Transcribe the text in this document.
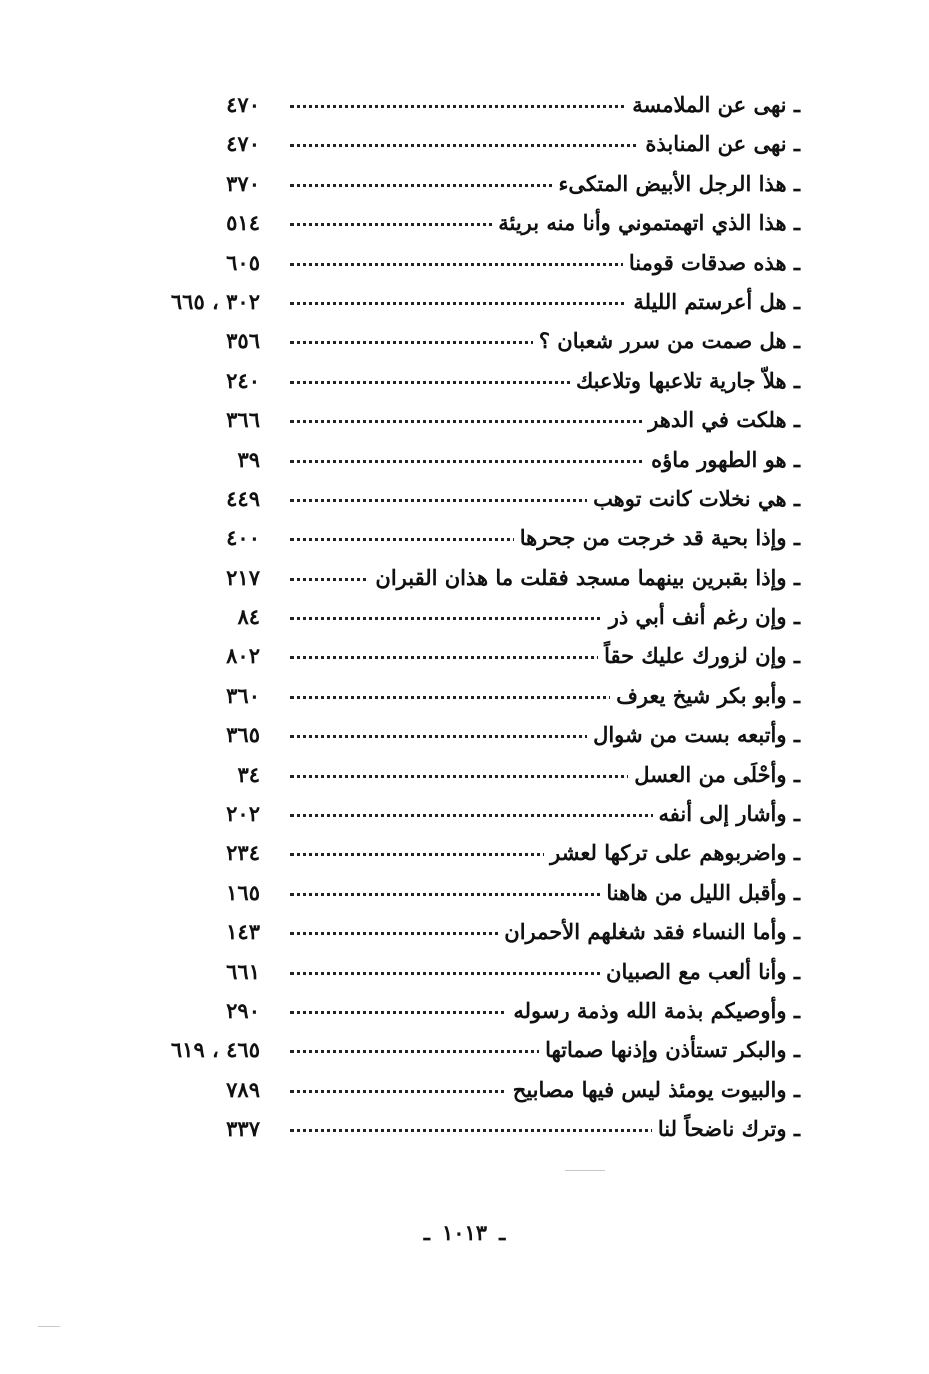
ـ نهى عن الملامسة
٤٧٠
ـ نهى عن المنابذة
٤٧٠
ـ هذا الرجل الأبيض المتكىء
٣٧٠
ـ هذا الذي اتهمتموني وأنا منه بريئة
٥١٤
ـ هذه صدقات قومنا
٦٠٥
ـ هل أعرستم الليلة
٣٠٢ ، ٦٦٥
ـ هل صمت من سرر شعبان ؟
٣٥٦
ـ هلاّ جارية تلاعبها وتلاعبك
٢٤٠
ـ هلكت في الدهر
٣٦٦
ـ هو الطهور ماؤه
٣٩
ـ هي نخلات كانت توهب
٤٤٩
ـ وإذا بحية قد خرجت من جحرها
٤٠٠
ـ وإذا بقبرين بينهما مسجد فقلت ما هذان القبران
٢١٧
ـ وإن رغم أنف أبي ذر
٨٤
ـ وإن لزورك عليك حقاً
٨٠٢
ـ وأبو بكر شيخ يعرف
٣٦٠
ـ وأتبعه بست من شوال
٣٦٥
ـ وأحْلَى من العسل
٣٤
ـ وأشار إلى أنفه
٢٠٢
ـ واضربوهم على تركها لعشر
٢٣٤
ـ وأقبل الليل من هاهنا
١٦٥
ـ وأما النساء فقد شغلهم الأحمران
١٤٣
ـ وأنا ألعب مع الصبيان
٦٦١
ـ وأوصيكم بذمة الله وذمة رسوله
٢٩٠
ـ والبكر تستأذن وإذنها صماتها
٤٦٥ ، ٦١٩
ـ والبيوت يومئذ ليس فيها مصابيح
٧٨٩
ـ وترك ناضحاً لنا
٣٣٧
ـ١٠١٣ـ
